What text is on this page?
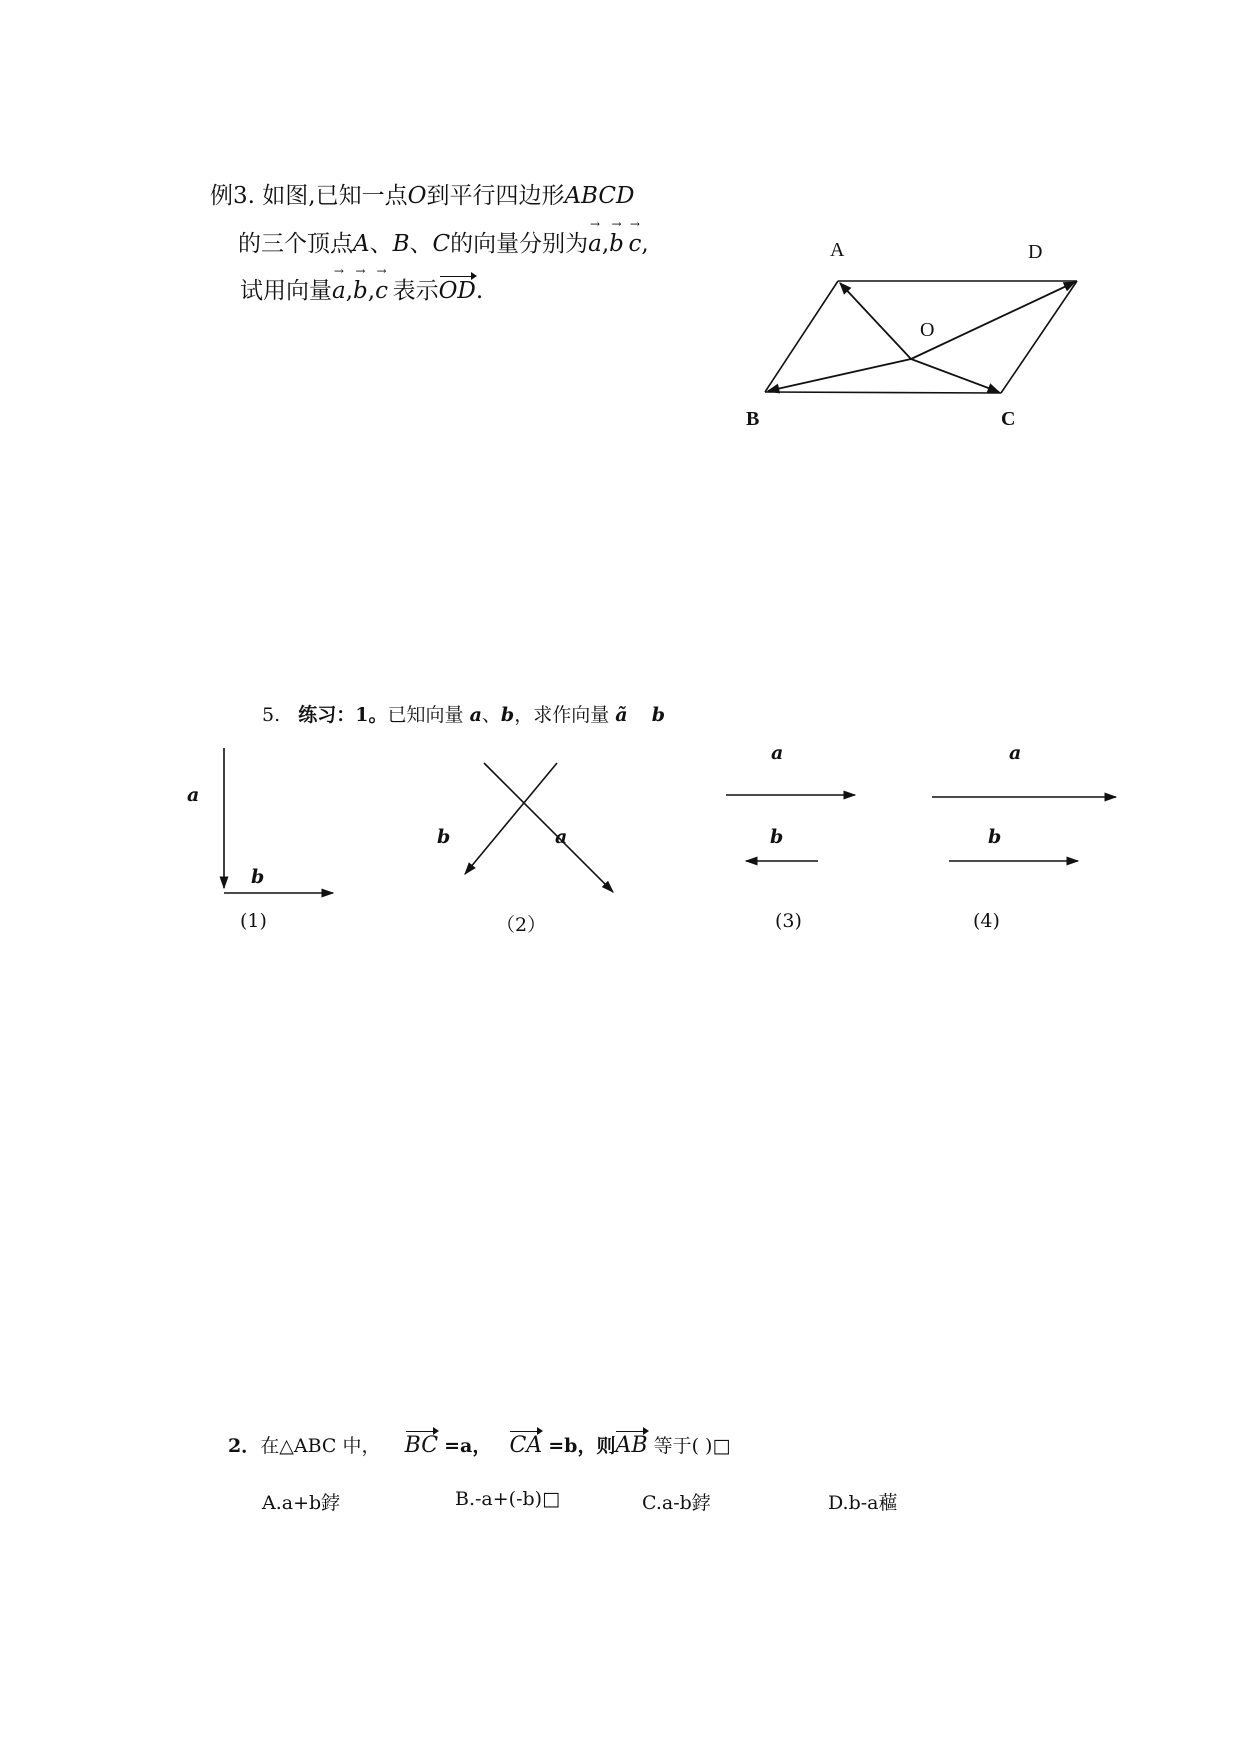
例3. 如图,已知一点O到平行四边形ABCD
的三个顶点A、B、C的向量分别为
→
a,
→
b 
→
c,
试用向量
→
a,
→
b,
→
c  表示OD.
A	D
O
B	C
5. 练习：1。已知向量 a、b，求作向量 ã b
a
b
(1)
b	a
（2）
a
b
(3)
a
b
(4)
2．在△ABC 中， BC =a， CA =b，则AB 等于( )□
A.a+b鋍	B.-a+(-b)□	C.a-b鋍	D.b-a藲
